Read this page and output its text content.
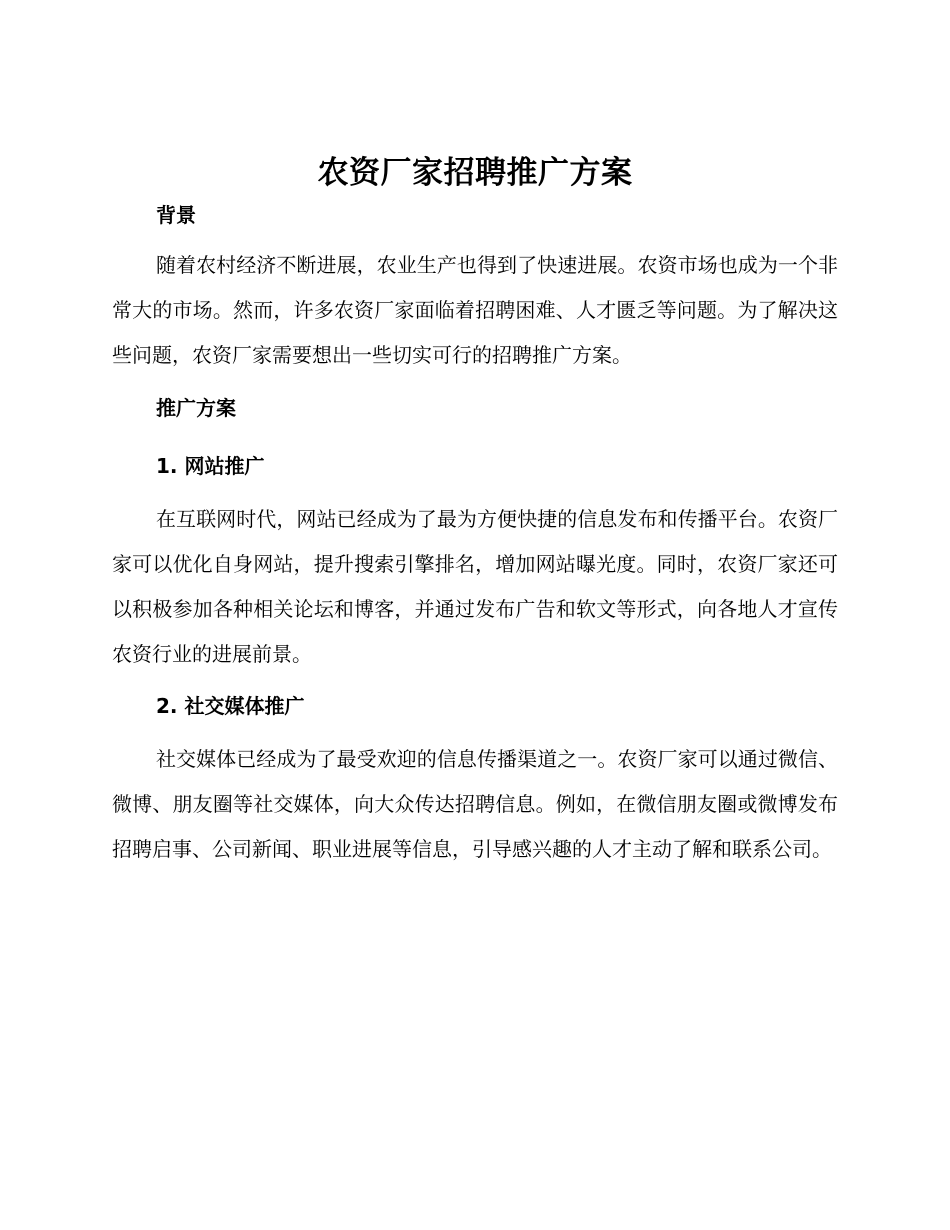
农资厂家招聘推广方案

背景

随着农村经济不断进展，农业生产也得到了快速进展。农资市场也成为一个非常大的市场。然而，许多农资厂家面临着招聘困难、人才匮乏等问题。为了解决这些问题，农资厂家需要想出一些切实可行的招聘推广方案。

推广方案

1. 网站推广

在互联网时代，网站已经成为了最为方便快捷的信息发布和传播平台。农资厂家可以优化自身网站，提升搜索引擎排名，增加网站曝光度。同时，农资厂家还可以积极参加各种相关论坛和博客，并通过发布广告和软文等形式，向各地人才宣传农资行业的进展前景。

2. 社交媒体推广

社交媒体已经成为了最受欢迎的信息传播渠道之一。农资厂家可以通过微信、微博、朋友圈等社交媒体，向大众传达招聘信息。例如，在微信朋友圈或微博发布招聘启事、公司新闻、职业进展等信息，引导感兴趣的人才主动了解和联系公司。
